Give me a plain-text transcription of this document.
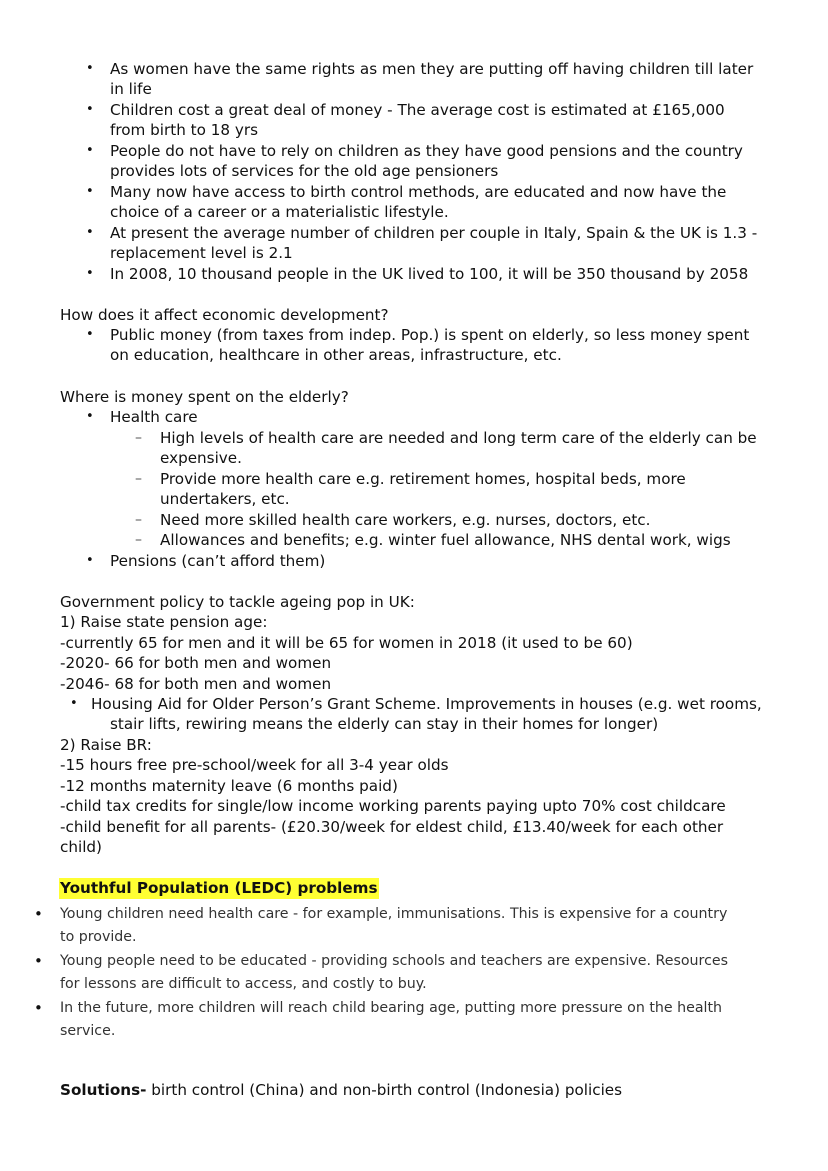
• As women have the same rights as men they are putting off having children till later
in life
• Children cost a great deal of money - The average cost is estimated at £165,000
from birth to 18 yrs
• People do not have to rely on children as they have good pensions and the country
provides lots of services for the old age pensioners
• Many now have access to birth control methods, are educated and now have the
choice of a career or a materialistic lifestyle.
• At present the average number of children per couple in Italy, Spain & the UK is 1.3 -
replacement level is 2.1
• In 2008, 10 thousand people in the UK lived to 100, it will be 350 thousand by 2058
How does it affect economic development?
• Public money (from taxes from indep. Pop.) is spent on elderly, so less money spent
on education, healthcare in other areas, infrastructure, etc.
Where is money spent on the elderly?
• Health care
– High levels of health care are needed and long term care of the elderly can be
expensive.
– Provide more health care e.g. retirement homes, hospital beds, more
undertakers, etc.
– Need more skilled health care workers, e.g. nurses, doctors, etc.
– Allowances and benefits; e.g. winter fuel allowance, NHS dental work, wigs
• Pensions (can’t afford them)
Government policy to tackle ageing pop in UK:
1) Raise state pension age:
-currently 65 for men and it will be 65 for women in 2018 (it used to be 60)
-2020- 66 for both men and women
-2046- 68 for both men and women
• Housing Aid for Older Person’s Grant Scheme. Improvements in houses (e.g. wet rooms,
stair lifts, rewiring means the elderly can stay in their homes for longer)
2) Raise BR:
-15 hours free pre-school/week for all 3-4 year olds
-12 months maternity leave (6 months paid)
-child tax credits for single/low income working parents paying upto 70% cost childcare
-child benefit for all parents- (£20.30/week for eldest child, £13.40/week for each other
child)
Youthful Population (LEDC) problems
• Young children need health care - for example, immunisations. This is expensive for a country
to provide.
• Young people need to be educated - providing schools and teachers are expensive. Resources
for lessons are difficult to access, and costly to buy.
• In the future, more children will reach child bearing age, putting more pressure on the health
service.
Solutions- birth control (China) and non-birth control (Indonesia) policies
